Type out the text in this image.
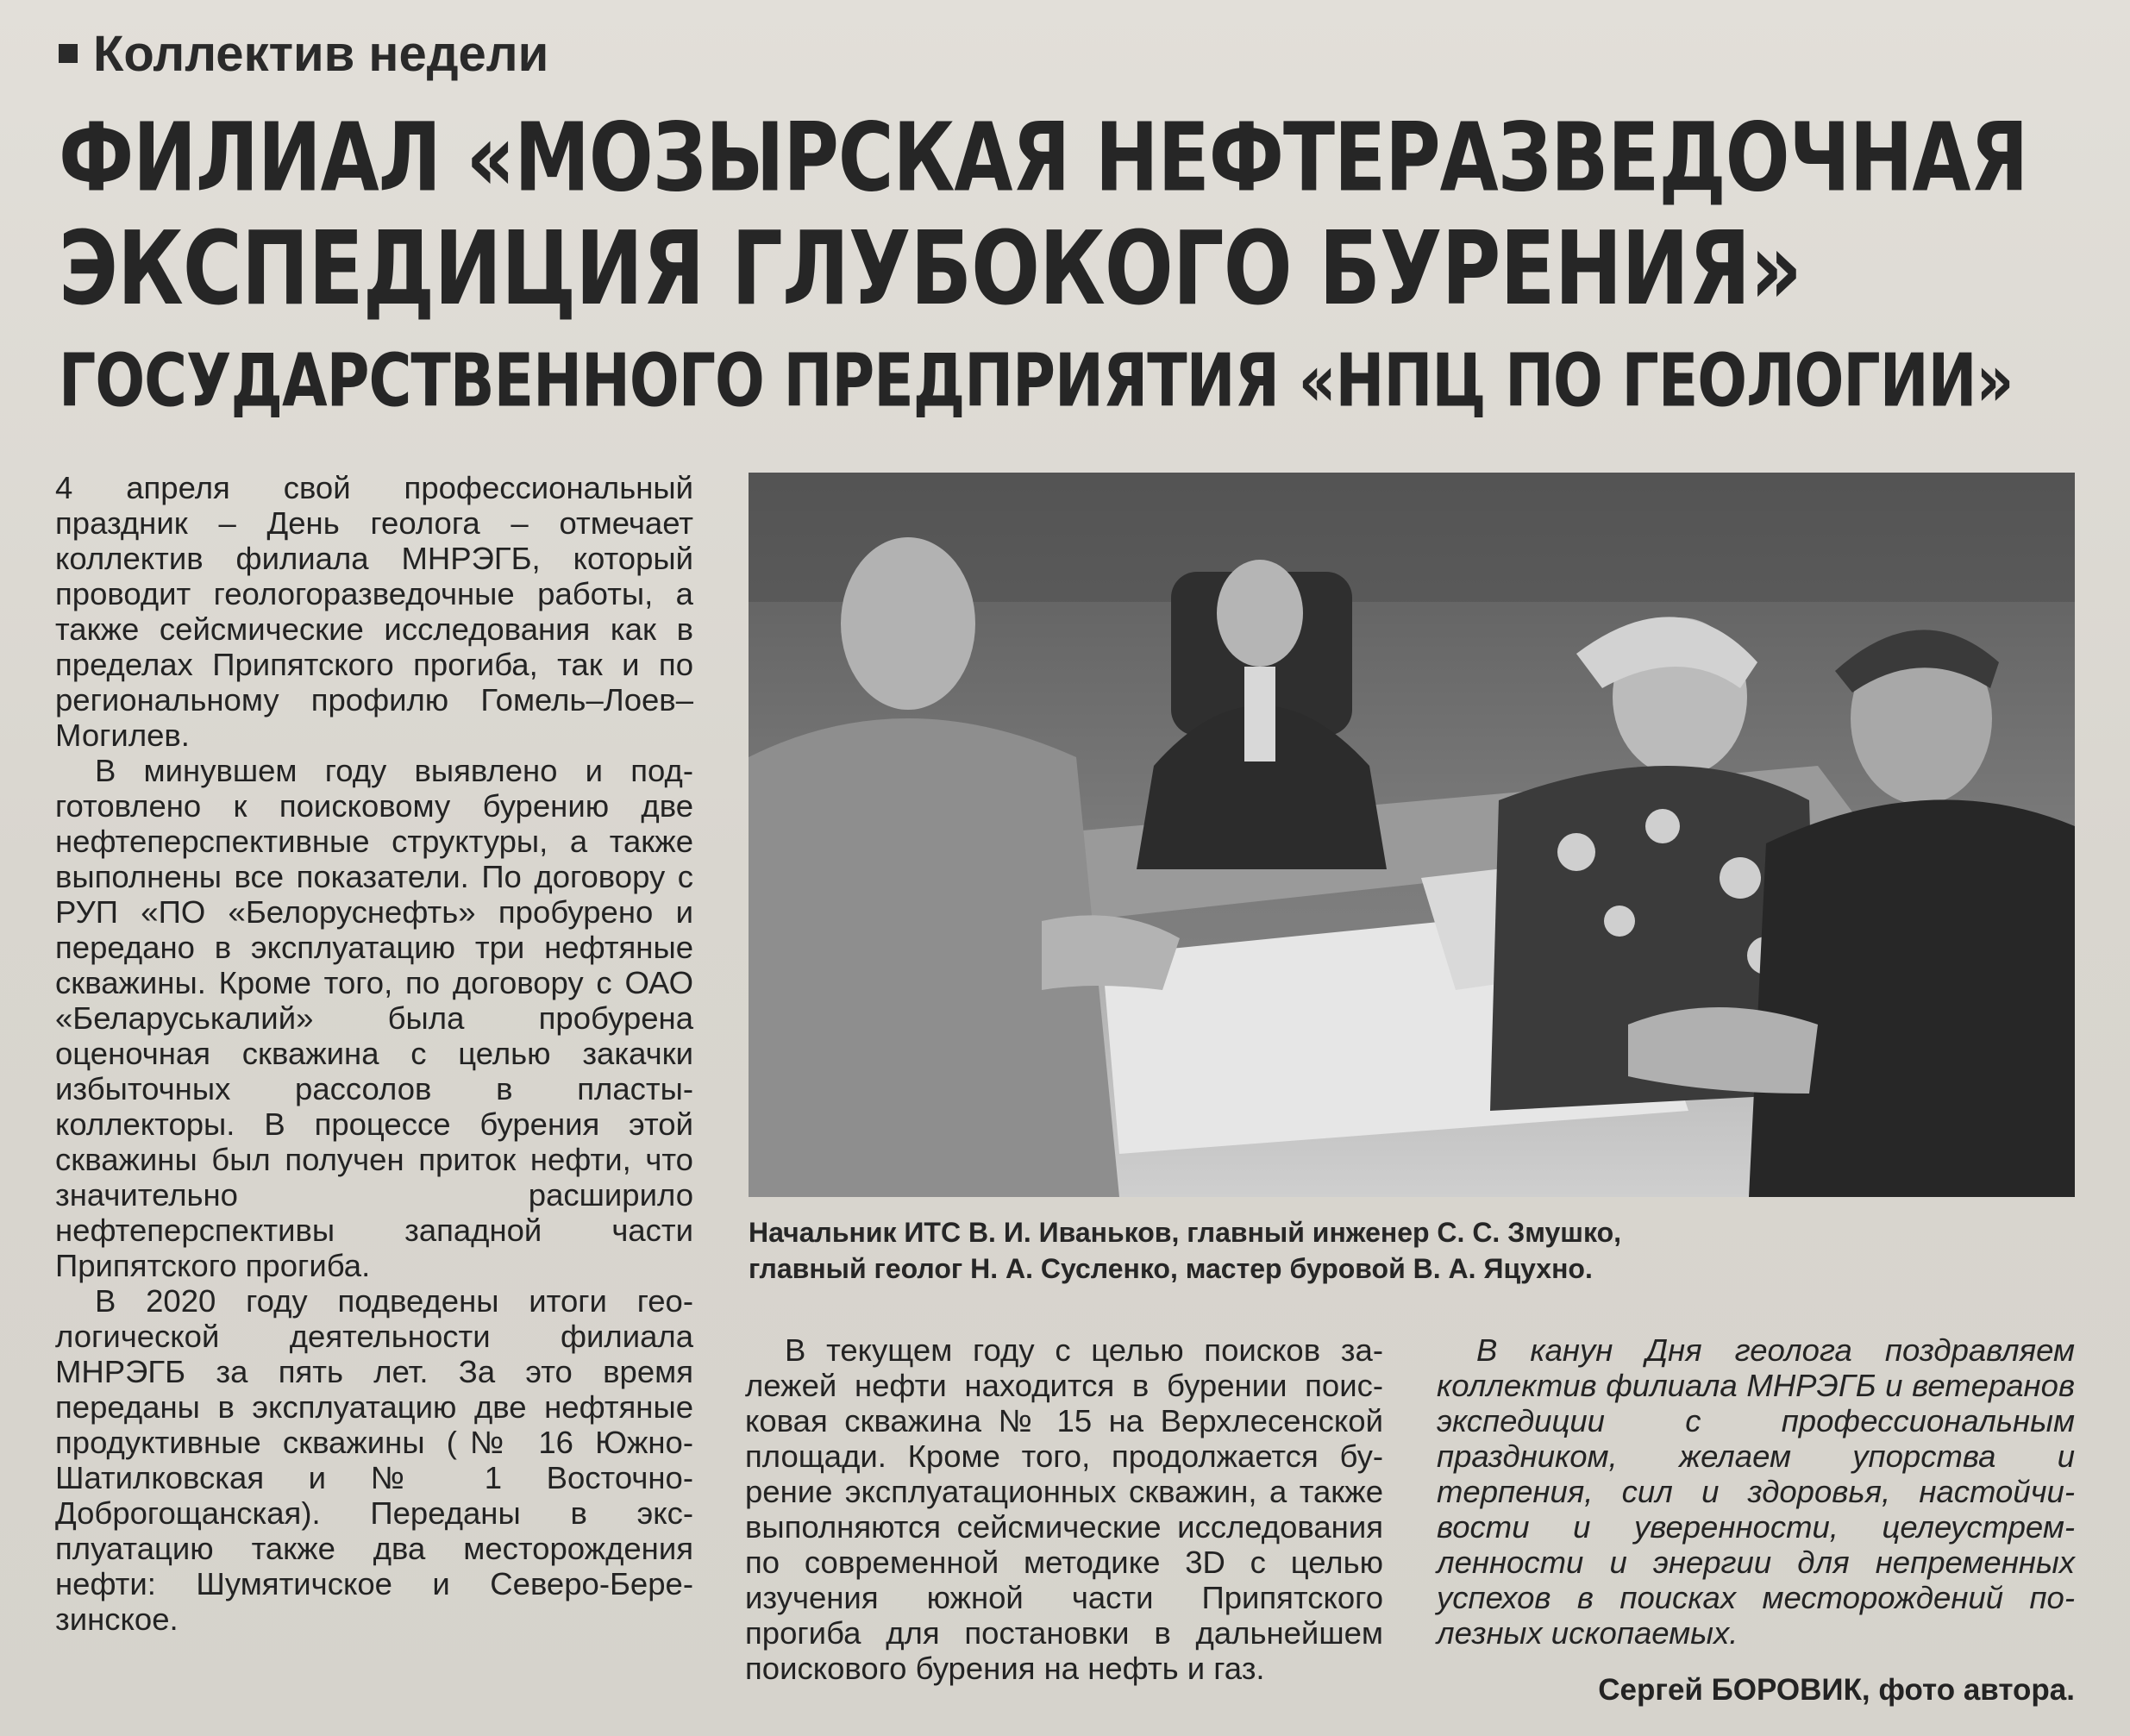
Коллектив недели
ФИЛИАЛ «МОЗЫРСКАЯ НЕФТЕРАЗВЕДОЧНАЯ
ЭКСПЕДИЦИЯ ГЛУБОКОГО БУРЕНИЯ»
ГОСУДАРСТВЕННОГО ПРЕДПРИЯТИЯ «НПЦ ПО ГЕОЛОГИИ»

4 апреля свой профессиональный праздник – День геолога – отмечает коллектив филиала МНРЭГБ, который проводит геологоразведочные работы, а также сейсмические исследования как в пределах Припятского прогиба, так и по региональному профилю Гомель–Лоев–Могилев.

В минувшем году выявлено и подготовлено к поисковому бурению две нефтеперспективные структуры, а также выполнены все показатели. По договору с РУП «ПО «Белоруснефть» пробурено и передано в эксплуатацию три нефтяные скважины. Кроме того, по договору с ОАО «Беларуськалий» была пробурена оценочная скважина с целью закачки избыточных рассолов в пласты-коллекторы. В процессе бурения этой скважины был получен приток нефти, что значительно расширило нефтеперспективы западной части Припятского прогиба.

В 2020 году подведены итоги геологической деятельности филиала МНРЭГБ за пять лет. За это время переданы в эксплуатацию две нефтяные продуктивные скважины (№ 16 Южно-Шатилковская и № 1 Восточно-Доброгощанская). Переданы в эксплуатацию также два месторождения нефти: Шумятичское и Северо-Березинское.

Начальник ИТС В. И. Иваньков, главный инженер С. С. Змушко,
главный геолог Н. А. Сусленко, мастер буровой В. А. Яцухно.

В текущем году с целью поисков залежей нефти находится в бурении поисковая скважина № 15 на Верхлесенской площади. Кроме того, продолжается бурение эксплуатационных скважин, а также выполняются сейсмические исследования по современной методике 3D с целью изучения южной части Припятского прогиба для постановки в дальнейшем поискового бурения на нефть и газ.

В канун Дня геолога поздравляем коллектив филиала МНРЭГБ и ветеранов экспедиции с профессиональным праздником, желаем упорства и терпения, сил и здоровья, настойчивости и уверенности, целеустремленности и энергии для непременных успехов в поисках месторождений полезных ископаемых.

Сергей БОРОВИК, фото автора.
